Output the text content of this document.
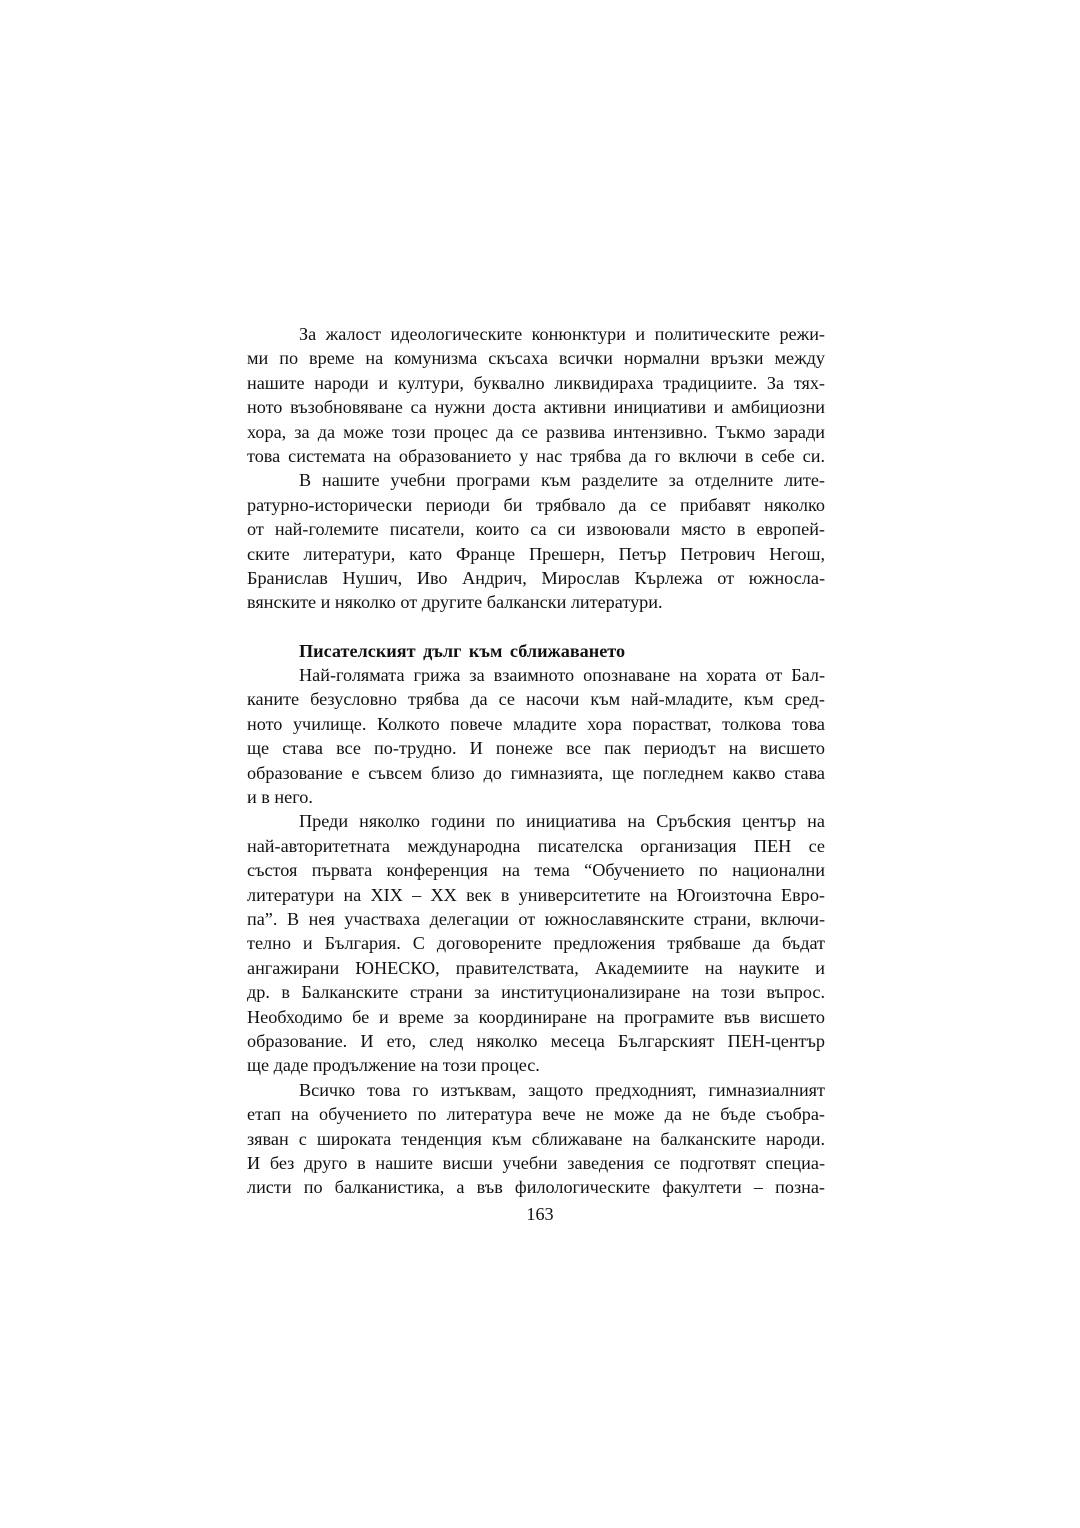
За жалост идеологическите конюнктури и политическите режи-
ми по време на комунизма скъсаха всички нормални връзки между
нашите народи и култури, буквално ликвидираха традициите. За тях-
ното възобновяване са нужни доста активни инициативи и амбициозни
хора, за да може този процес да се развива интензивно. Тъкмо заради
това системата на образованието у нас трябва да го включи в себе си.
В нашите учебни програми към разделите за отделните лите-
ратурно-исторически периоди би трябвало да се прибавят няколко
от най-големите писатели, които са си извоювали място в европей-
ските литератури, като Франце Прешерн, Петър Петрович Негош,
Бранислав Нушич, Иво Андрич, Мирослав Кърлежа от южносла-
вянските и няколко от другите балкански литератури.
Писателският дълг към сближаването
Най-голямата грижа за взаимното опознаване на хората от Бал-
каните безусловно трябва да се насочи към най-младите, към сред-
ното училище. Колкото повече младите хора порастват, толкова това
ще става все по-трудно. И понеже все пак периодът на висшето
образование е съвсем близо до гимназията, ще погледнем какво става
и в него.
Преди няколко години по инициатива на Сръбския център на
най-авторитетната международна писателска организация ПЕН се
състоя първата конференция на тема “Обучението по национални
литератури на XIX – XX век в университетите на Югоизточна Евро-
па”. В нея участваха делегации от южнославянските страни, включи-
телно и България. С договорените предложения трябваше да бъдат
ангажирани ЮНЕСКО, правителствата, Академиите на науките и
др. в Балканските страни за институционализиране на този въпрос.
Необходимо бе и време за координиране на програмите във висшето
образование. И ето, след няколко месеца Българският ПЕН-център
ще даде продължение на този процес.
Всичко това го изтъквам, защото предходният, гимназиалният
етап на обучението по литература вече не може да не бъде съобра-
зяван с широката тенденция към сближаване на балканските народи.
И без друго в нашите висши учебни заведения се подготвят специа-
листи по балканистика, а във филологическите факултети – позна-
163
